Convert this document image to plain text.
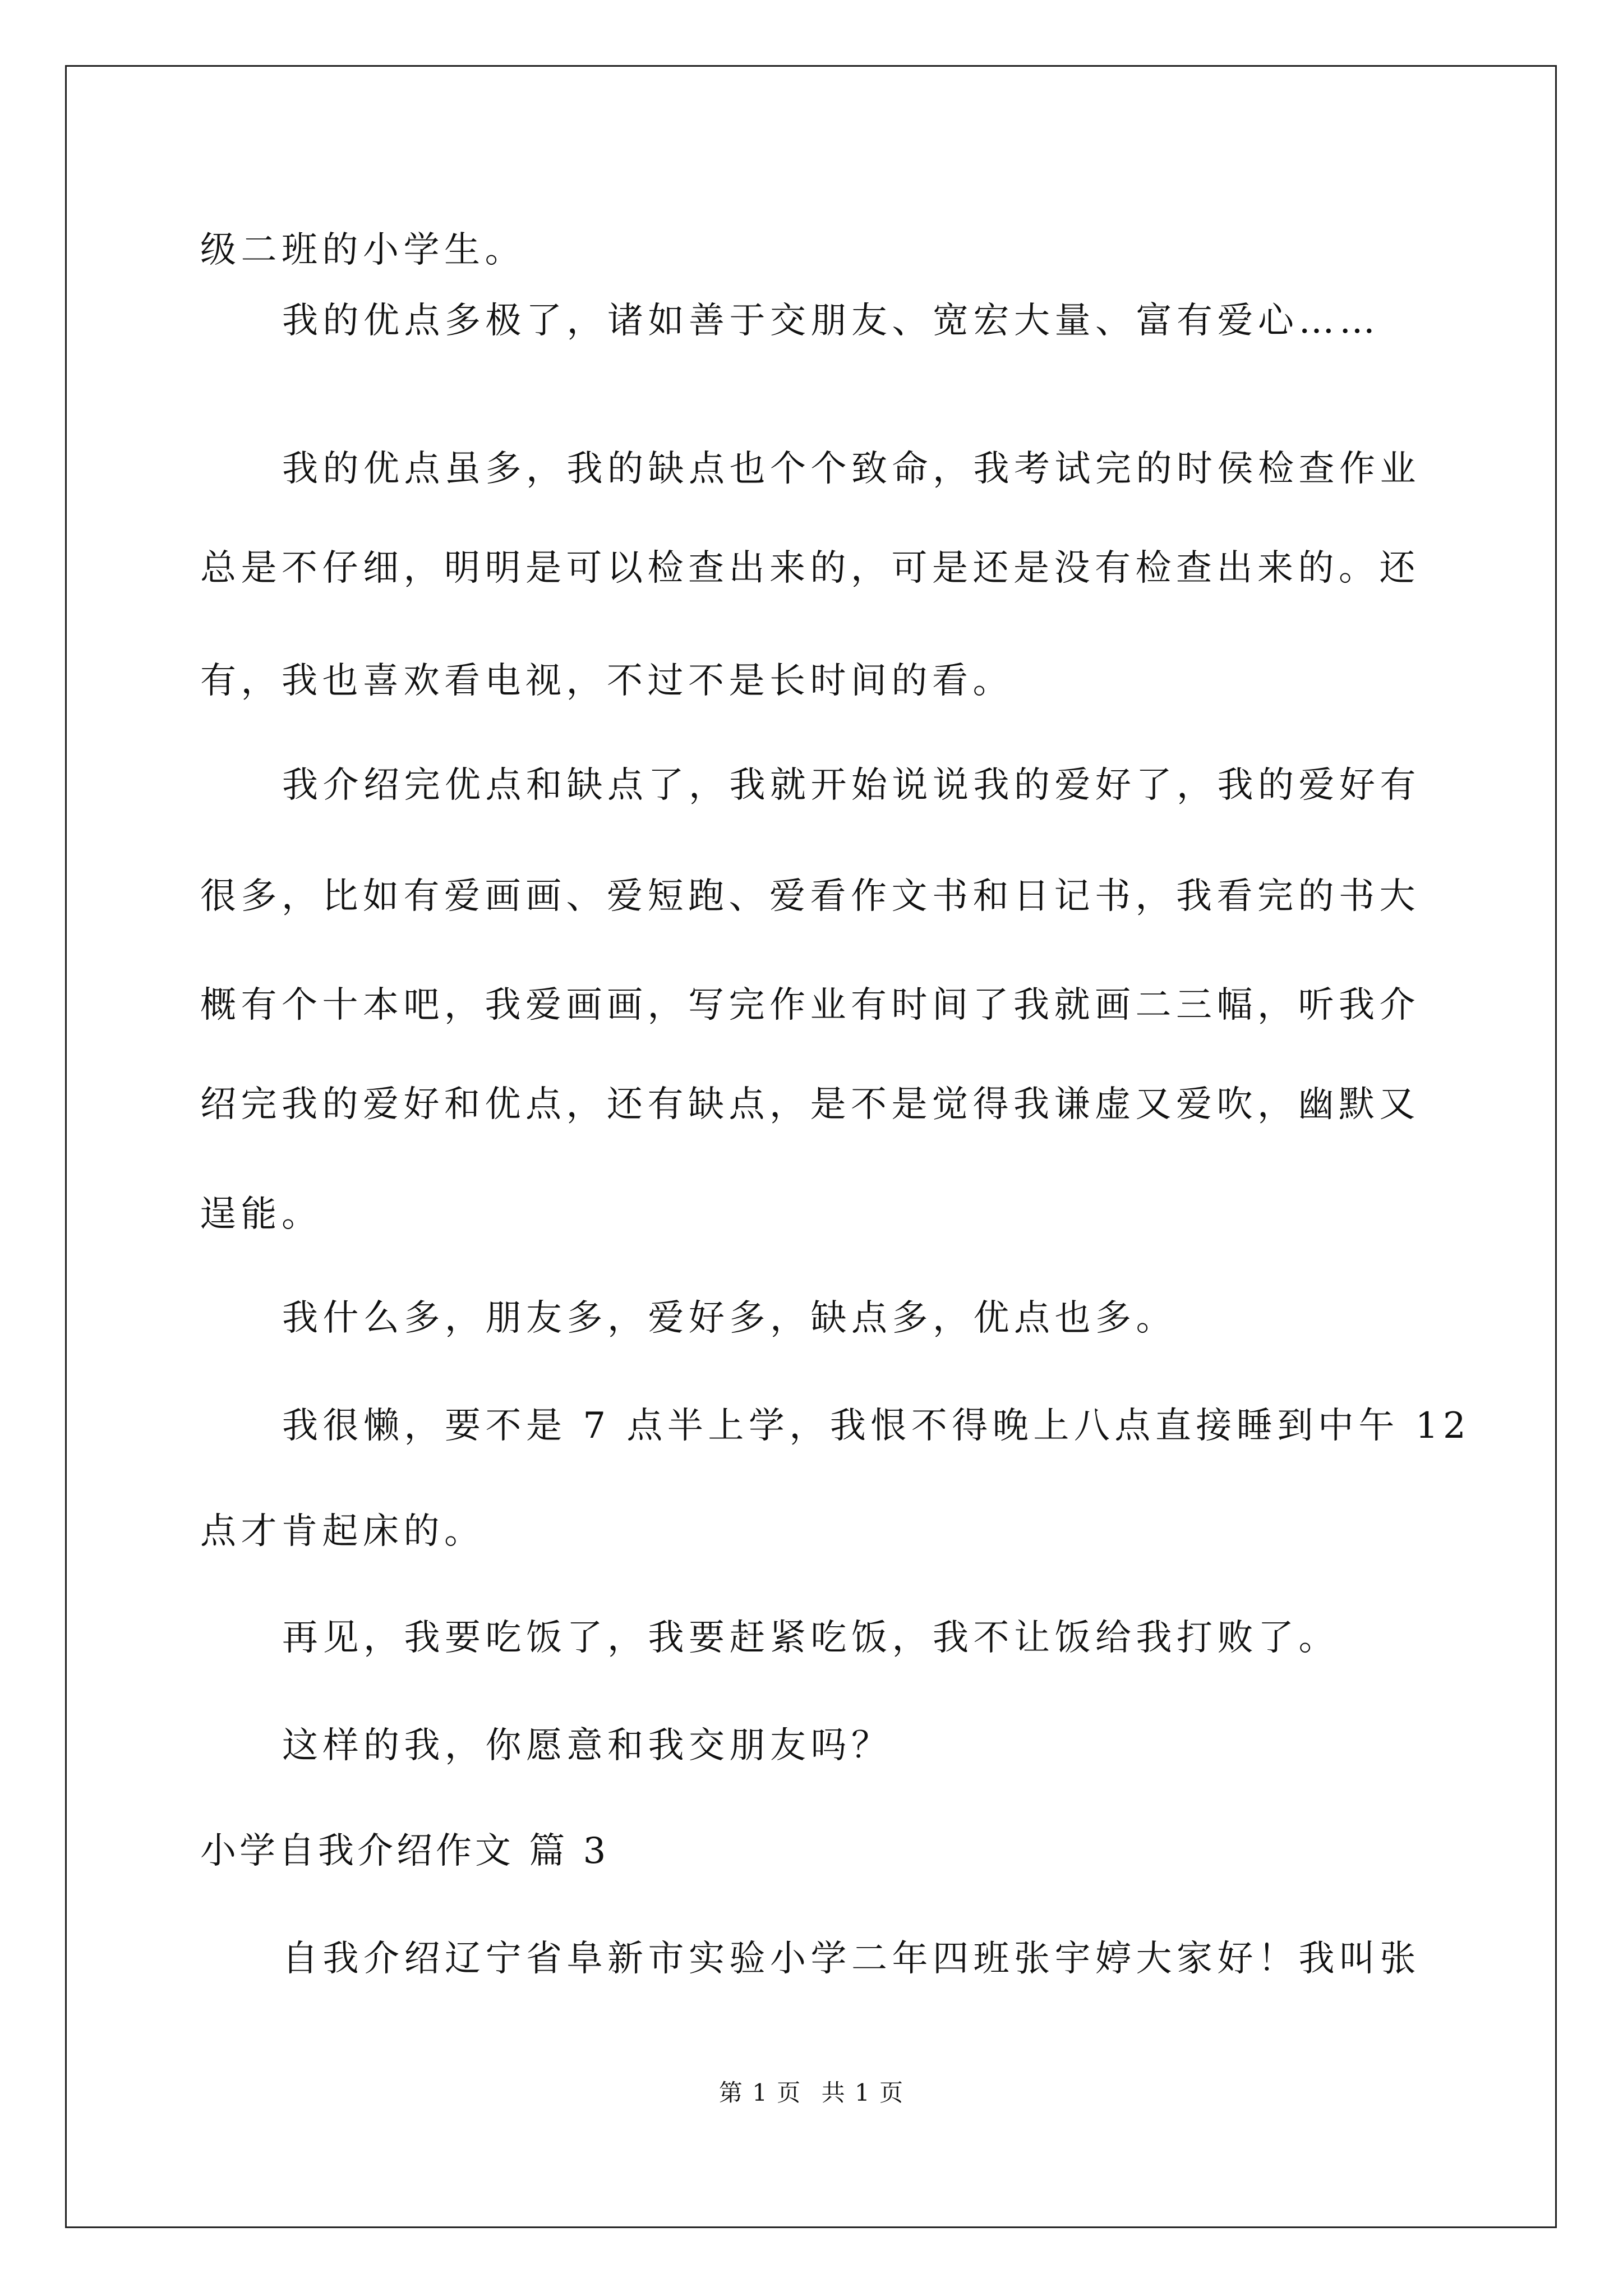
级二班的小学生。
我的优点多极了，诸如善于交朋友、宽宏大量、富有爱心……
我的优点虽多，我的缺点也个个致命，我考试完的时侯检查作业
总是不仔细，明明是可以检查出来的，可是还是没有检查出来的。还
有，我也喜欢看电视，不过不是长时间的看。
我介绍完优点和缺点了，我就开始说说我的爱好了，我的爱好有
很多，比如有爱画画、爱短跑、爱看作文书和日记书，我看完的书大
概有个十本吧，我爱画画，写完作业有时间了我就画二三幅，听我介
绍完我的爱好和优点，还有缺点，是不是觉得我谦虚又爱吹，幽默又
逞能。
我什么多，朋友多，爱好多，缺点多，优点也多。
我很懒，要不是 7 点半上学，我恨不得晚上八点直接睡到中午 12
点才肯起床的。
再见，我要吃饭了，我要赶紧吃饭，我不让饭给我打败了。
这样的我，你愿意和我交朋友吗？
小学自我介绍作文 篇 3
自我介绍辽宁省阜新市实验小学二年四班张宇婷大家好！我叫张
第 1 页 共 1 页
